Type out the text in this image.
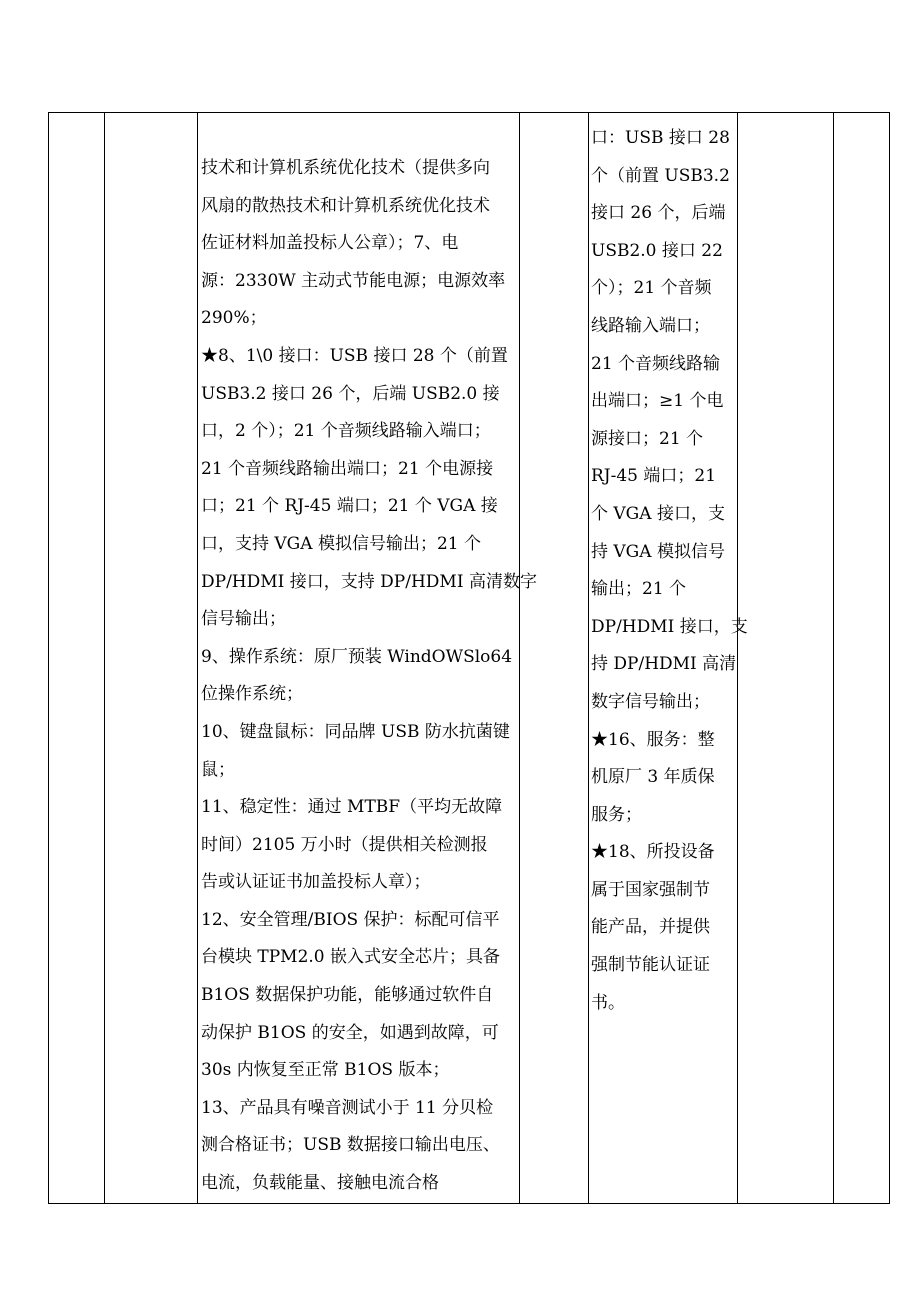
技术和计算机系统优化技术（提供多向
风扇的散热技术和计算机系统优化技术
佐证材料加盖投标人公章）；7、电
源：2330W 主动式节能电源；电源效率
290%；
★8、1\0 接口：USB 接口 28 个（前置
USB3.2 接口 26 个，后端 USB2.0 接
口，2 个）；21 个音频线路输入端口；
21 个音频线路输出端口；21 个电源接
口；21 个 RJ-45 端口；21 个 VGA 接
口，支持 VGA 模拟信号输出；21 个
DP/HDMI 接口，支持 DP/HDMI 高清数字
信号输出；
9、操作系统：原厂预装 WindOWSlo64
位操作系统；
10、键盘鼠标：同品牌 USB 防水抗菌键
鼠；
11、稳定性：通过 MTBF（平均无故障
时间）2105 万小时（提供相关检测报
告或认证证书加盖投标人章）；
12、安全管理/BIOS 保护：标配可信平
台模块 TPM2.0 嵌入式安全芯片；具备
B1OS 数据保护功能，能够通过软件自
动保护 B1OS 的安全，如遇到故障，可
30s 内恢复至正常 B1OS 版本；
13、产品具有噪音测试小于 11 分贝检
测合格证书；USB 数据接口输出电压、
电流，负载能量、接触电流合格

口：USB 接口 28
个（前置 USB3.2
接口 26 个，后端
USB2.0 接口 22
个）；21 个音频
线路输入端口；
21 个音频线路输
出端口；≥1 个电
源接口；21 个
RJ-45 端口；21
个 VGA 接口，支
持 VGA 模拟信号
输出；21 个
DP/HDMI 接口，支
持 DP/HDMI 高清
数字信号输出；
★16、服务：整
机原厂 3 年质保
服务；
★18、所投设备
属于国家强制节
能产品，并提供
强制节能认证证
书。
